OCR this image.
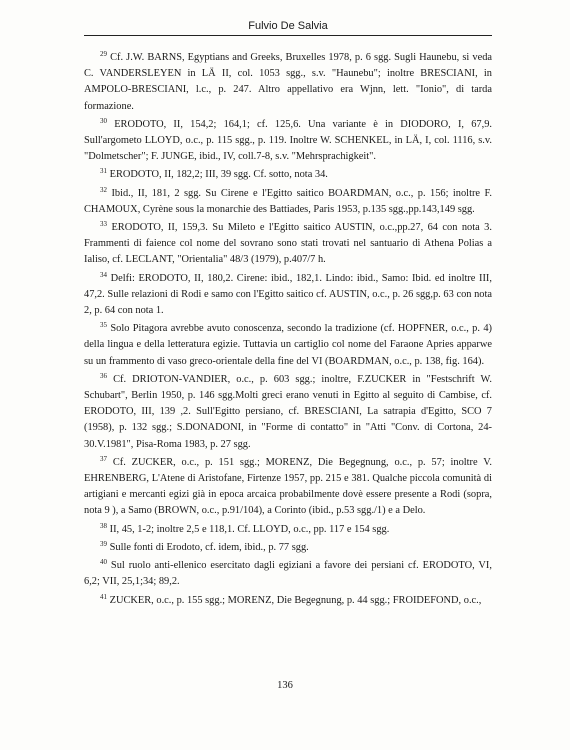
Fulvio De Salvia

$^{29}$ Cf. J.W. BARNS, Egyptians and Greeks, Bruxelles 1978, p. 6 sgg. Sugli Haunebu, si veda C. VANDERSLEYEN in LÄ II, col. 1053 sgg., s.v. "Haunebu"; inoltre BRESCIANI, in AMPOLO-BRESCIANI, l.c., p. 247. Altro appellativo era Wjnn, lett. "Ionio", di tarda formazione.

$^{30}$ ERODOTO, II, 154,2; 164,1; cf. 125,6. Una variante è in DIODORO, I, 67,9. Sull'argometo LLOYD, o.c., p. 115 sgg., p. 119. Inoltre W. SCHENKEL, in LÄ, I, col. 1116, s.v. "Dolmetscher"; F. JUNGE, ibid., IV, coll.7-8, s.v. "Mehrsprachigkeit".

$^{31}$ ERODOTO, II, 182,2; III, 39 sgg. Cf. sotto, nota 34.

$^{32}$ Ibid., II, 181, 2 sgg. Su Cirene e l'Egitto saitico BOARDMAN, o.c., p. 156; inoltre F. CHAMOUX, Cyrène sous la monarchie des Battiades, Paris 1953, p.135 sgg.,pp.143,149 sgg.

$^{33}$ ERODOTO, II, 159,3. Su Mileto e l'Egitto saitico AUSTIN, o.c.,pp.27, 64 con nota 3. Frammenti di faience col nome del sovrano sono stati trovati nel santuario di Athena Polias a Ialiso, cf. LECLANT, "Orientalia" 48/3 (1979), p.407/7 h.

$^{34}$ Delfi: ERODOTO, II, 180,2. Cirene: ibid., 182,1. Lindo: ibid., Samo: Ibid. ed inoltre III, 47,2. Sulle relazioni di Rodi e samo con l'Egitto saitico cf. AUSTIN, o.c., p. 26 sgg,p. 63 con nota 2, p. 64 con nota 1.

$^{35}$ Solo Pitagora avrebbe avuto conoscenza, secondo la tradizione (cf. HOPFNER, o.c., p. 4) della lingua e della letteratura egizie. Tuttavia un cartiglio col nome del Faraone Apries apparwe su un frammento di vaso greco-orientale della fine del VI (BOARDMAN, o.c., p. 138, fig. 164).

$^{36}$ Cf. DRIOTON-VANDIER, o.c., p. 603 sgg.; inoltre, F.ZUCKER in "Festschrift W. Schubart", Berlin 1950, p. 146 sgg.Molti greci erano venuti in Egitto al seguito di Cambise, cf. ERODOTO, III, 139 ,2. Sull'Egitto persiano, cf. BRESCIANI, La satrapia d'Egitto, SCO 7 (1958), p. 132 sgg.; S.DONADONI, in "Forme di contatto" in "Atti "Conv. di Cortona, 24-30.V.1981", Pisa-Roma 1983, p. 27 sgg.

$^{37}$ Cf. ZUCKER, o.c., p. 151 sgg.; MORENZ, Die Begegnung, o.c., p. 57; inoltre V. EHRENBERG, L'Atene di Aristofane, Firtenze 1957, pp. 215 e 381. Qualche piccola comunità di artigiani e mercanti egizi già in epoca arcaica probabilmente dovè essere presente a Rodi (sopra, nota 9 ), a Samo (BROWN, o.c., p.91/104), a Corinto (ibid., p.53 sgg./1) e a Delo.

$^{38}$ II, 45, 1-2; inoltre 2,5 e 118,1. Cf. LLOYD, o.c., pp. 117 e 154 sgg.

$^{39}$ Sulle fonti di Erodoto, cf. idem, ibid., p. 77 sgg.

$^{40}$ Sul ruolo anti-ellenico esercitato dagli egiziani a favore dei persiani cf. ERODOTO, VI, 6,2; VII, 25,1;34; 89,2.

$^{41}$ ZUCKER, o.c., p. 155 sgg.; MORENZ, Die Begegnung, p. 44 sgg.; FROIDEFOND, o.c.,

136
